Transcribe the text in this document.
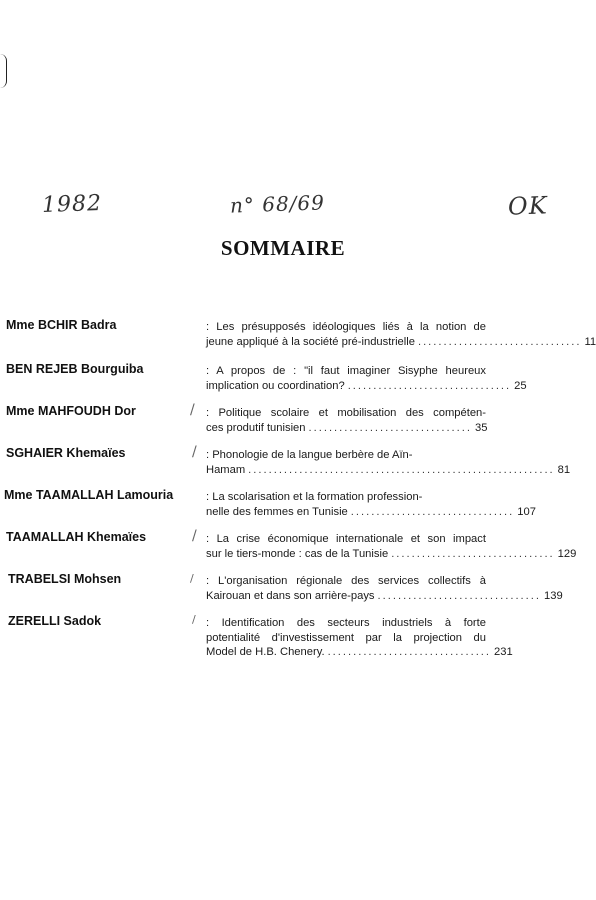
1982	n° 68/69	OK
SOMMAIRE
Mme BCHIR Badra	: Les présupposés idéologiques liés à la notion de
jeune appliqué à la société pré-industrielle ................................ 11
BEN REJEB Bourguiba	: A propos de : "il faut imaginer Sisyphe heureux
implication ou coordination? ................................ 25
Mme MAHFOUDH Dor	/ : Politique scolaire et mobilisation des compéten-
ces produtif tunisien ................................ 35
SGHAIER Khemaïes	/ : Phonologie de la langue berbère de Aïn-
Hamam ............................................................ 81
Mme TAAMALLAH Lamouria	: La scolarisation et la formation profession-
nelle des femmes en Tunisie ................................ 107
TAAMALLAH Khemaïes	/ : La crise économique internationale et son impact
sur le tiers-monde : cas de la Tunisie ................................ 129
TRABELSI Mohsen	/ : L'organisation régionale des services collectifs à
Kairouan et dans son arrière-pays ................................ 139
ZERELLI Sadok	/ : Identification des secteurs industriels à forte
potentialité d'investissement par la projection du
Model de H.B. Chenery. ................................ 231
